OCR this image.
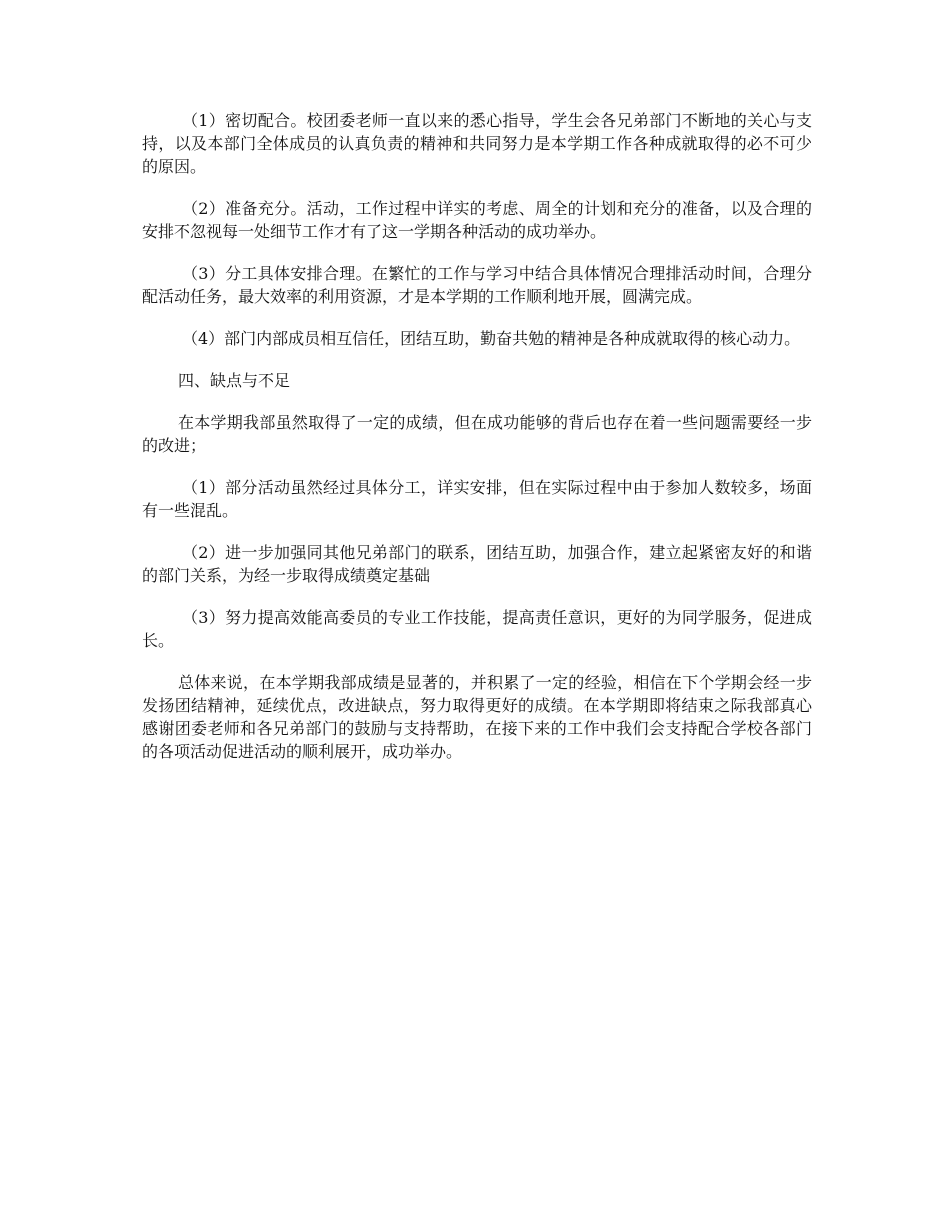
（1）密切配合。校团委老师一直以来的悉心指导，学生会各兄弟部门不断地的关心与支持，以及本部门全体成员的认真负责的精神和共同努力是本学期工作各种成就取得的必不可少的原因。

（2）准备充分。活动，工作过程中详实的考虑、周全的计划和充分的准备，以及合理的安排不忽视每一处细节工作才有了这一学期各种活动的成功举办。

（3）分工具体安排合理。在繁忙的工作与学习中结合具体情况合理排活动时间，合理分配活动任务，最大效率的利用资源，才是本学期的工作顺利地开展，圆满完成。

（4）部门内部成员相互信任，团结互助，勤奋共勉的精神是各种成就取得的核心动力。

四、缺点与不足

在本学期我部虽然取得了一定的成绩，但在成功能够的背后也存在着一些问题需要经一步的改进；

（1）部分活动虽然经过具体分工，详实安排，但在实际过程中由于参加人数较多，场面有一些混乱。

（2）进一步加强同其他兄弟部门的联系，团结互助，加强合作，建立起紧密友好的和谐的部门关系，为经一步取得成绩奠定基础

（3）努力提高效能高委员的专业工作技能，提高责任意识，更好的为同学服务，促进成长。

总体来说，在本学期我部成绩是显著的，并积累了一定的经验，相信在下个学期会经一步发扬团结精神，延续优点，改进缺点，努力取得更好的成绩。在本学期即将结束之际我部真心感谢团委老师和各兄弟部门的鼓励与支持帮助，在接下来的工作中我们会支持配合学校各部门的各项活动促进活动的顺利展开，成功举办。
